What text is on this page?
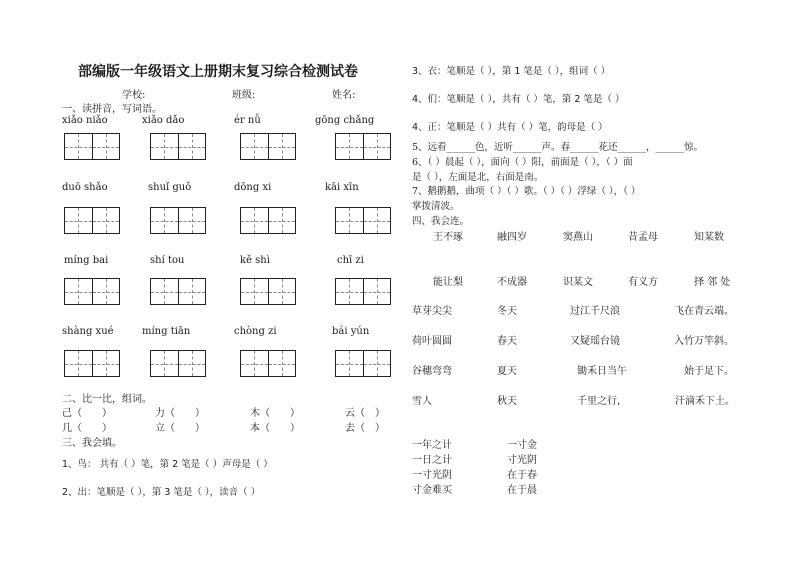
部编版一年级语文上册期末复习综合检测试卷
学校:	班级:	姓名:
一、读拼音，写词语。
xiǎo niǎo	xiǎo dǎo	ér nǚ	gōng chǎng
duō shǎo	shuǐ guǒ	dōng xi	kāi xīn
míng bai	shí tou	kě shì	chī zi
shàng xué	míng tiān	chòng zi	bái yún
二、比一比，组词。
己（　　）	力（　　）	木（　　）	云（　）
几（　　）	立（　　）	本（　　）	去（　）
三、我会填。
1、鸟： 共有（ ）笔，第 2 笔是（ ）声母是（ ）
2、出：笔顺是（ ），第 3 笔是（ ），读音（ ）
3、衣：笔顺是（ ），第 1 笔是（ ），组词（ ）
4、们：笔顺是（ ），共有（ ）笔，第 2 笔是（ ）
4、正：笔顺是（ ）共有（ ）笔，韵母是（ ）
5、远看______色，近听______声。春______花还______，______惊。
6、（ ）晨起（ ），面向（ ）阳，前面是（ ），（ ）面
是（ ），左面是北，右面是南。
7、鹅鹅鹅，曲项（ ）（ ）歌。（ ）（ ）浮绿（ ），（ ）
掌拨清波。
四、我会连。
王不琢	融四岁	窦燕山	昔孟母	知某数
能让梨	不成器	识某文	有义方	择 邻 处
草芽尖尖	冬天	过江千尺浪	飞在青云端。
荷叶圆圆	春天	又疑瑶台镜	入竹万竿斜。
谷穗弯弯	夏天	锄禾日当午	始于足下。
雪人	秋天	千里之行,	汗滴禾下土。
一年之计	一寸金
一日之计	寸光阴
一寸光阴	在于春
寸金难买	在于晨
